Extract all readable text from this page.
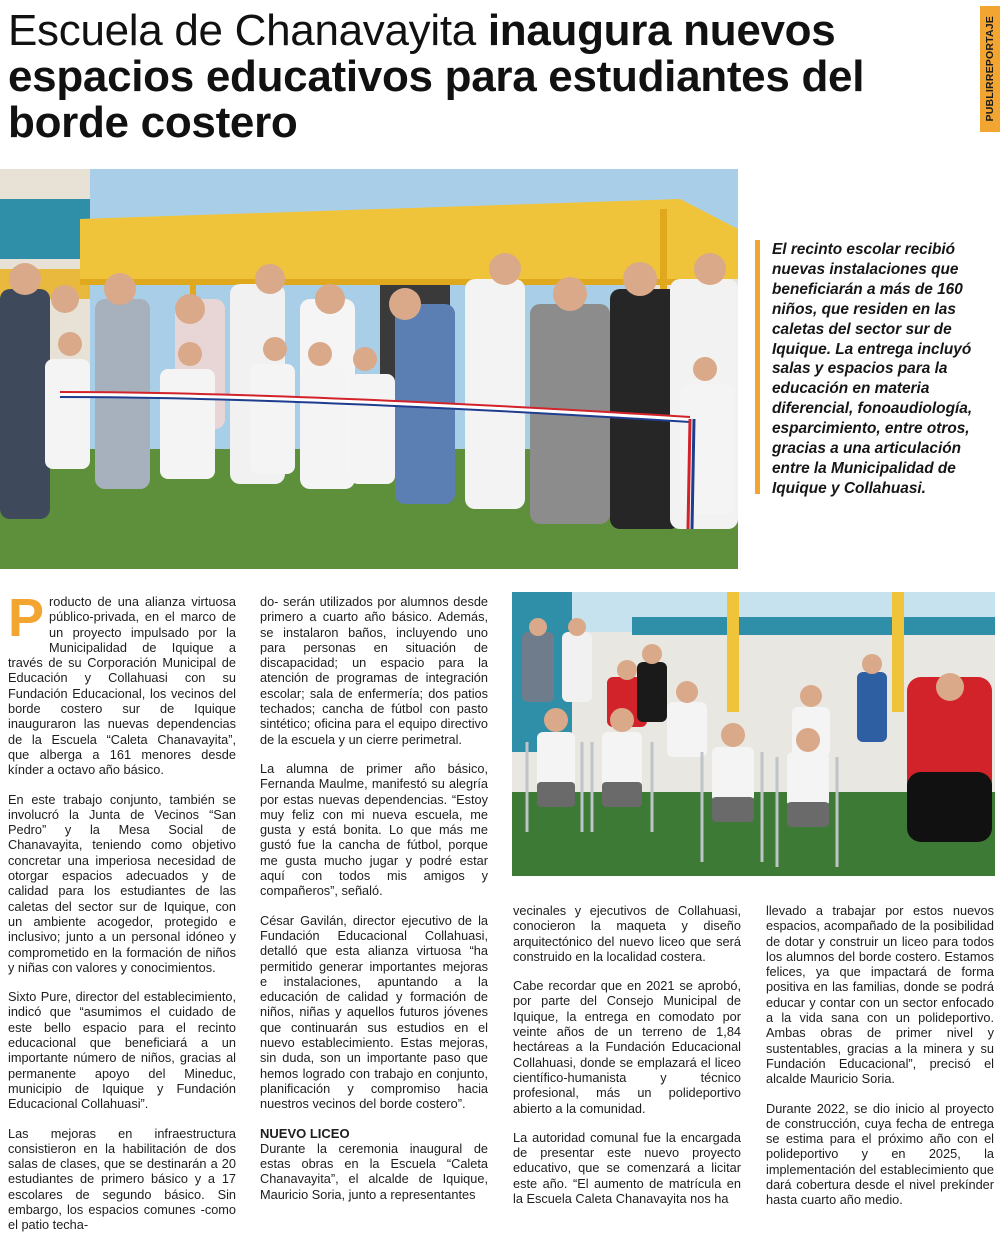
Escuela de Chanavayita inaugura nuevos espacios educativos para estudiantes del borde costero
PUBLIRREPORTAJE

El recinto escolar recibió nuevas instalaciones que beneficiarán a más de 160 niños, que residen en las caletas del sector sur de Iquique. La entrega incluyó salas y espacios para la educación en materia diferencial, fonoaudiología, esparcimiento, entre otros, gracias a una articulación entre la Municipalidad de Iquique y Collahuasi.

Producto de una alianza virtuosa público-privada, en el marco de un proyecto impulsado por la Municipalidad de Iquique a través de su Corporación Municipal de Educación y Collahuasi con su Fundación Educacional, los vecinos del borde costero sur de Iquique inauguraron las nuevas dependencias de la Escuela “Caleta Chanavayita”, que alberga a 161 menores desde kínder a octavo año básico.

En este trabajo conjunto, también se involucró la Junta de Vecinos “San Pedro” y la Mesa Social de Chanavayita, teniendo como objetivo concretar una imperiosa necesidad de otorgar espacios adecuados y de calidad para los estudiantes de las caletas del sector sur de Iquique, con un ambiente acogedor, protegido e inclusivo; junto a un personal idóneo y comprometido en la formación de niños y niñas con valores y conocimientos.

Sixto Pure, director del establecimiento, indicó que “asumimos el cuidado de este bello espacio para el recinto educacional que beneficiará a un importante número de niños, gracias al permanente apoyo del Mineduc, municipio de Iquique y Fundación Educacional Collahuasi”.

Las mejoras en infraestructura consistieron en la habilitación de dos salas de clases, que se destinarán a 20 estudiantes de primero básico y a 17 escolares de segundo básico. Sin embargo, los espacios comunes -como el patio techa-

do- serán utilizados por alumnos desde primero a cuarto año básico. Además, se instalaron baños, incluyendo uno para personas en situación de discapacidad; un espacio para la atención de programas de integración escolar; sala de enfermería; dos patios techados; cancha de fútbol con pasto sintético; oficina para el equipo directivo de la escuela y un cierre perimetral.

La alumna de primer año básico, Fernanda Maulme, manifestó su alegría por estas nuevas dependencias. “Estoy muy feliz con mi nueva escuela, me gusta y está bonita. Lo que más me gustó fue la cancha de fútbol, porque me gusta mucho jugar y podré estar aquí con todos mis amigos y compañeros”, señaló.

César Gavilán, director ejecutivo de la Fundación Educacional Collahuasi, detalló que esta alianza virtuosa “ha permitido generar importantes mejoras e instalaciones, apuntando a la educación de calidad y formación de niños, niñas y aquellos futuros jóvenes que continuarán sus estudios en el nuevo establecimiento. Estas mejoras, sin duda, son un importante paso que hemos logrado con trabajo en conjunto, planificación y compromiso hacia nuestros vecinos del borde costero”.

NUEVO LICEO

Durante la ceremonia inaugural de estas obras en la Escuela “Caleta Chanavayita”, el alcalde de Iquique, Mauricio Soria, junto a representantes

vecinales y ejecutivos de Collahuasi, conocieron la maqueta y diseño arquitectónico del nuevo liceo que será construido en la localidad costera.

Cabe recordar que en 2021 se aprobó, por parte del Consejo Municipal de Iquique, la entrega en comodato por veinte años de un terreno de 1,84 hectáreas a la Fundación Educacional Collahuasi, donde se emplazará el liceo científico-humanista y técnico profesional, más un polideportivo abierto a la comunidad.

La autoridad comunal fue la encargada de presentar este nuevo proyecto educativo, que se comenzará a licitar este año. “El aumento de matrícula en la Escuela Caleta Chanavayita nos ha

llevado a trabajar por estos nuevos espacios, acompañado de la posibilidad de dotar y construir un liceo para todos los alumnos del borde costero. Estamos felices, ya que impactará de forma positiva en las familias, donde se podrá educar y contar con un sector enfocado a la vida sana con un polideportivo. Ambas obras de primer nivel y sustentables, gracias a la minera y su Fundación Educacional”, precisó el alcalde Mauricio Soria.

Durante 2022, se dio inicio al proyecto de construcción, cuya fecha de entrega se estima para el próximo año con el polideportivo y en 2025, la implementación del establecimiento que dará cobertura desde el nivel prekínder hasta cuarto año medio.
